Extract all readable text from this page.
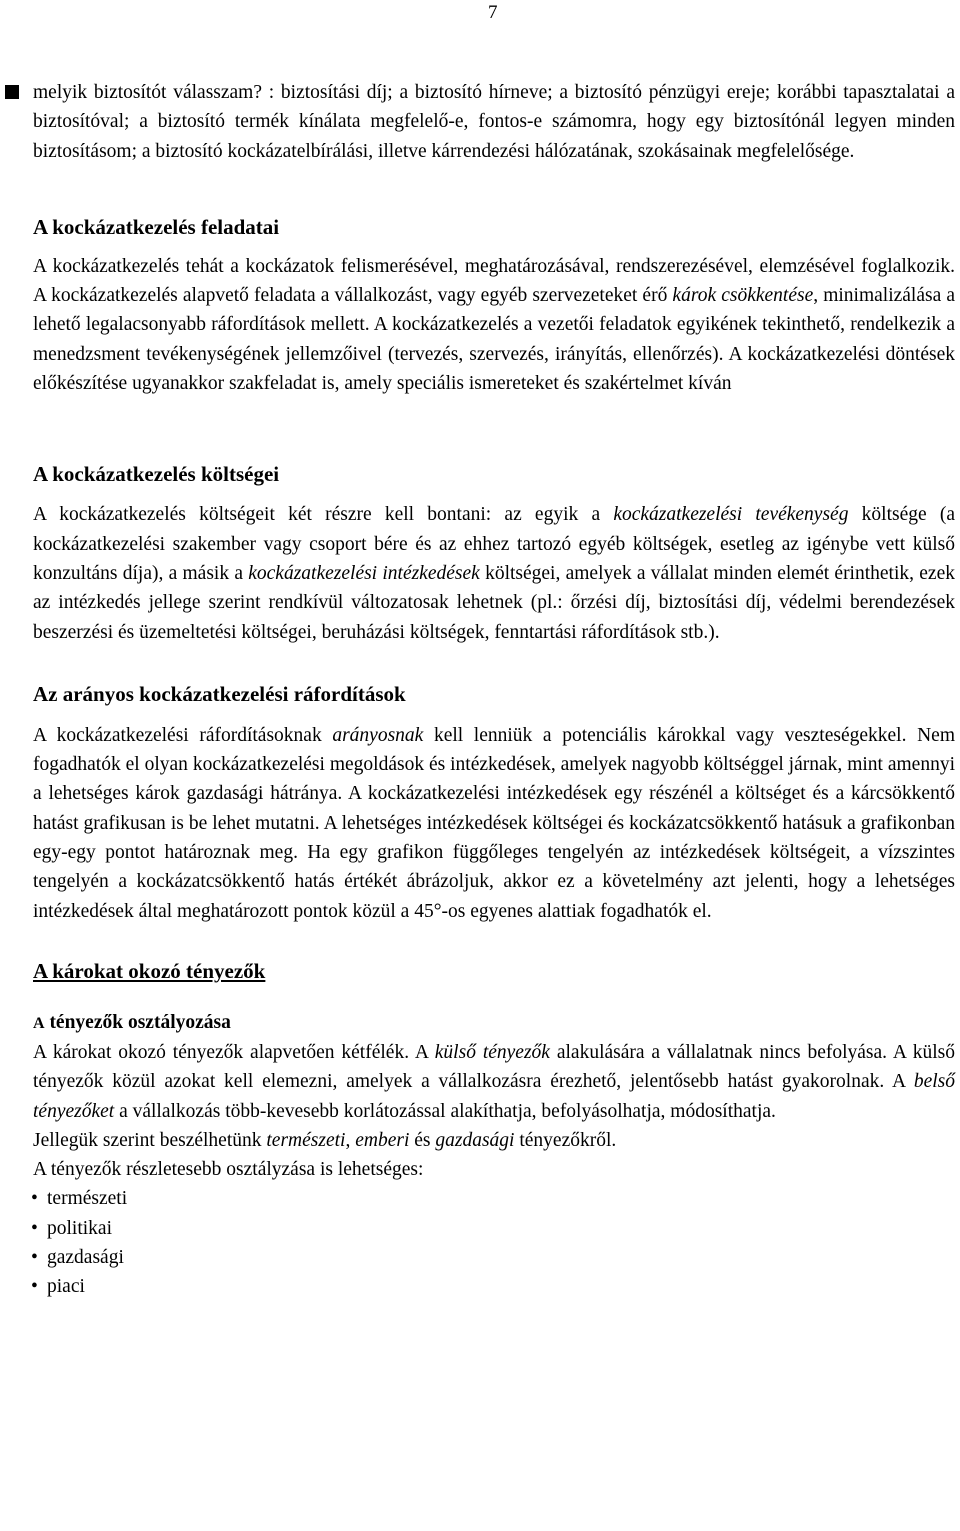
7

melyik biztosítót válasszam? : biztosítási díj; a biztosító hírneve; a biztosító pénzügyi ereje; korábbi tapasztalatai a biztosítóval; a biztosító termék kínálata megfelelő-e, fontos-e számomra, hogy egy biztosítónál legyen minden biztosításom; a biztosító kockázatelbírálási, illetve kárrendezési hálózatának, szokásainak megfelelősége.

A kockázatkezelés feladatai

A kockázatkezelés tehát a kockázatok felismerésével, meghatározásával, rendszerezésével, elemzésével foglalkozik. A kockázatkezelés alapvető feladata a vállalkozást, vagy egyéb szervezeteket érő károk csökkentése, minimalizálása a lehető legalacsonyabb ráfordítások mellett. A kockázatkezelés a vezetői feladatok egyikének tekinthető, rendelkezik a menedzsment tevékenységének jellemzőivel (tervezés, szervezés, irányítás, ellenőrzés). A kockázatkezelési döntések előkészítése ugyanakkor szakfeladat is, amely speciális ismereteket és szakértelmet kíván

A kockázatkezelés költségei

A kockázatkezelés költségeit két részre kell bontani: az egyik a kockázatkezelési tevékenység költsége (a kockázatkezelési szakember vagy csoport bére és az ehhez tartozó egyéb költségek, esetleg az igénybe vett külső konzultáns díja), a másik a kockázatkezelési intézkedések költségei, amelyek a vállalat minden elemét érinthetik, ezek az intézkedés jellege szerint rendkívül változatosak lehetnek (pl.: őrzési díj, biztosítási díj, védelmi berendezések beszerzési és üzemeltetési költségei, beruházási költségek, fenntartási ráfordítások stb.).

Az arányos kockázatkezelési ráfordítások

A kockázatkezelési ráfordításoknak arányosnak kell lenniük a potenciális károkkal vagy veszteségekkel. Nem fogadhatók el olyan kockázatkezelési megoldások és intézkedések, amelyek nagyobb költséggel járnak, mint amennyi a lehetséges károk gazdasági hátránya. A kockázatkezelési intézkedések egy részénél a költséget és a kárcsökkentő hatást grafikusan is be lehet mutatni. A lehetséges intézkedések költségei és kockázatcsökkentő hatásuk a grafikonban egy-egy pontot határoznak meg. Ha egy grafikon függőleges tengelyén az intézkedések költségeit, a vízszintes tengelyén a kockázatcsökkentő hatás értékét ábrázoljuk, akkor ez a követelmény azt jelenti, hogy a lehetséges intézkedések által meghatározott pontok közül a 45°-os egyenes alattiak fogadhatók el.

A károkat okozó tényezők
A tényezők osztályozása

A károkat okozó tényezők alapvetően kétfélék. A külső tényezők alakulására a vállalatnak nincs befolyása. A külső tényezők közül azokat kell elemezni, amelyek a vállalkozásra érezhető, jelentősebb hatást gyakorolnak. A belső tényezőket a vállalkozás több-kevesebb korlátozással alakíthatja, befolyásolhatja, módosíthatja.

Jellegük szerint beszélhetünk természeti, emberi és gazdasági tényezőkről.

A tényezők részletesebb osztályzása is lehetséges:

• természeti
• politikai
• gazdasági
• piaci
